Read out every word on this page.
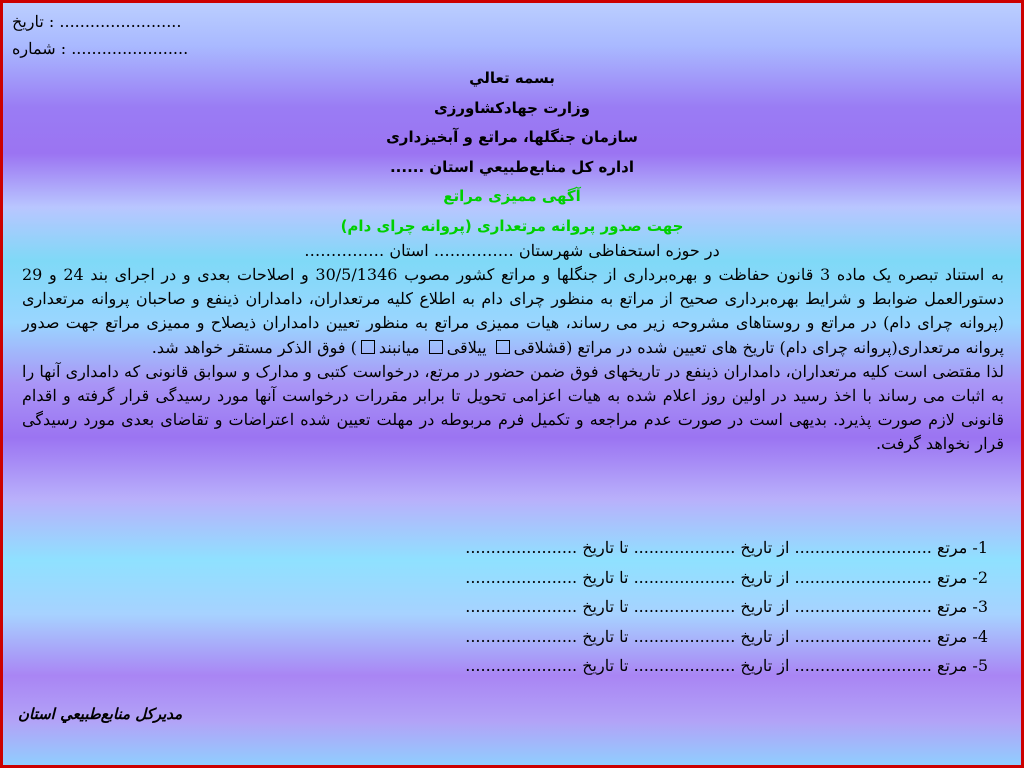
تاريخ : ........................
شماره : .......................
بسمه تعالي
وزارت جهادكشاورزی
سازمان جنگلها، مراتع و آبخيزداری
اداره كل منابع‌طبيعي استان ......
آگهی مميزی مراتع
جهت صدور پروانه مرتعداری (پروانه چرای دام)
در حوزه استحفاظی شهرستان …………… استان ……………

به استناد تبصره يک ماده 3 قانون حفاظت و بهره‌برداری از جنگلها و مراتع كشور مصوب 30/5/1346 و اصلاحات بعدی و در اجرای بند 24 و 29 دستورالعمل ضوابط و شرايط بهره‌برداری صحيح از مراتع به منظور چرای دام به اطلاع كليه مرتعداران، دامداران ذينفع و صاحبان پروانه مرتعداری (پروانه چرای دام) در مراتع و روستاهای مشروحه زير می رساند، هيات مميزی مراتع به منظور تعيين دامداران ذيصلاح و مميزی مراتع جهت صدور پروانه مرتعداری(پروانه چرای دام) تاريخ های تعيين شده در مراتع (قشلاقی ييلاقی ميانبند) فوق الذكر مستقر خواهد شد.

لذا مقتضی است كليه مرتعداران، دامداران ذينفع در تاريخهای فوق ضمن حضور در مرتع، درخواست كتبی و مدارک و سوابق قانونی كه دامداری آنها را به اثبات می رساند با اخذ رسيد در اولين روز اعلام شده به هيات اعزامی تحويل تا برابر مقررات درخواست آنها مورد رسيدگی قرار گرفته و اقدام قانونی لازم صورت پذيرد. بديهی است در صورت عدم مراجعه و تكميل فرم مربوطه در مهلت تعيين شده اعتراضات و تقاضای بعدی مورد رسيدگی قرار نخواهد گرفت.

1- مرتع ........................... از تاريخ .................... تا تاريخ ......................
2- مرتع ........................... از تاريخ .................... تا تاريخ ......................
3- مرتع ........................... از تاريخ .................... تا تاريخ ......................
4- مرتع ........................... از تاريخ .................... تا تاريخ ......................
5- مرتع ........................... از تاريخ .................... تا تاريخ ......................
مديركل منابع‌طبيعي استان
